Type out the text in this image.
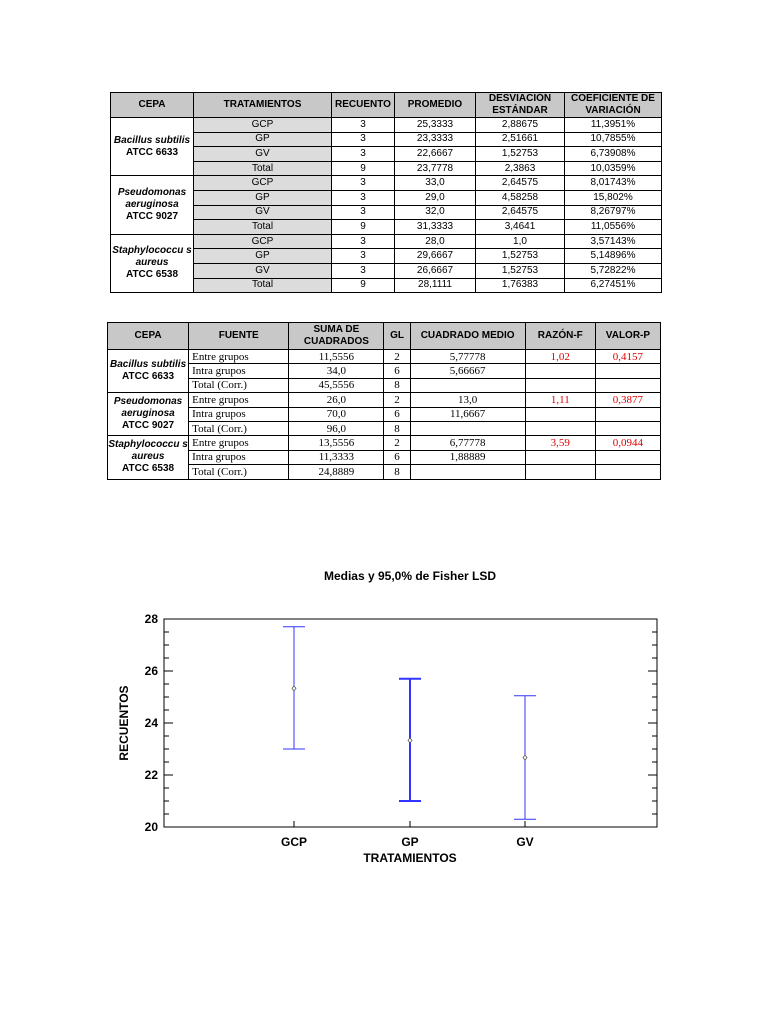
CEPA	TRATAMIENTOS	RECUENTO	PROMEDIO	DESVIACIÓN ESTÁNDAR	COEFICIENTE DE VARIACIÓN

Bacillus subtilis
ATCC 6633	GCP	3	25,3333	2,88675	11,3951%
	GP	3	23,3333	2,51661	10,7855%
	GV	3	22,6667	1,52753	6,73908%
	Total	9	23,7778	2,3863	10,0359%

Pseudomonas aeruginosa
ATCC 9027	GCP	3	33,0	2,64575	8,01743%
	GP	3	29,0	4,58258	15,802%
	GV	3	32,0	2,64575	8,26797%
	Total	9	31,3333	3,4641	11,0556%

Staphylococcu s aureus
ATCC 6538	GCP	3	28,0	1,0	3,57143%
	GP	3	29,6667	1,52753	5,14896%
	GV	3	26,6667	1,52753	5,72822%
	Total	9	28,1111	1,76383	6,27451%
CEPA	FUENTE	SUMA DE CUADRADOS	GL	CUADRADO MEDIO	RAZÓN-F	VALOR-P

Bacillus subtilis
ATCC 6633	Entre grupos	11,5556	2	5,77778	1,02	0,4157
	Intra grupos	34,0	6	5,66667		
	Total (Corr.)	45,5556	8			

Pseudomonas aeruginosa
ATCC 9027	Entre grupos	26,0	2	13,0	1,11	0,3877
	Intra grupos	70,0	6	11,6667		
	Total (Corr.)	96,0	8			

Staphylococcu s aureus
ATCC 6538	Entre grupos	13,5556	2	6,77778	3,59	0,0944
	Intra grupos	11,3333	6	1,88889		
	Total (Corr.)	24,8889	8			
Medias y 95,0% de Fisher LSD
20
22
24
26
28
GCP	GP	GV
TRATAMIENTOS
RECUENTOS
